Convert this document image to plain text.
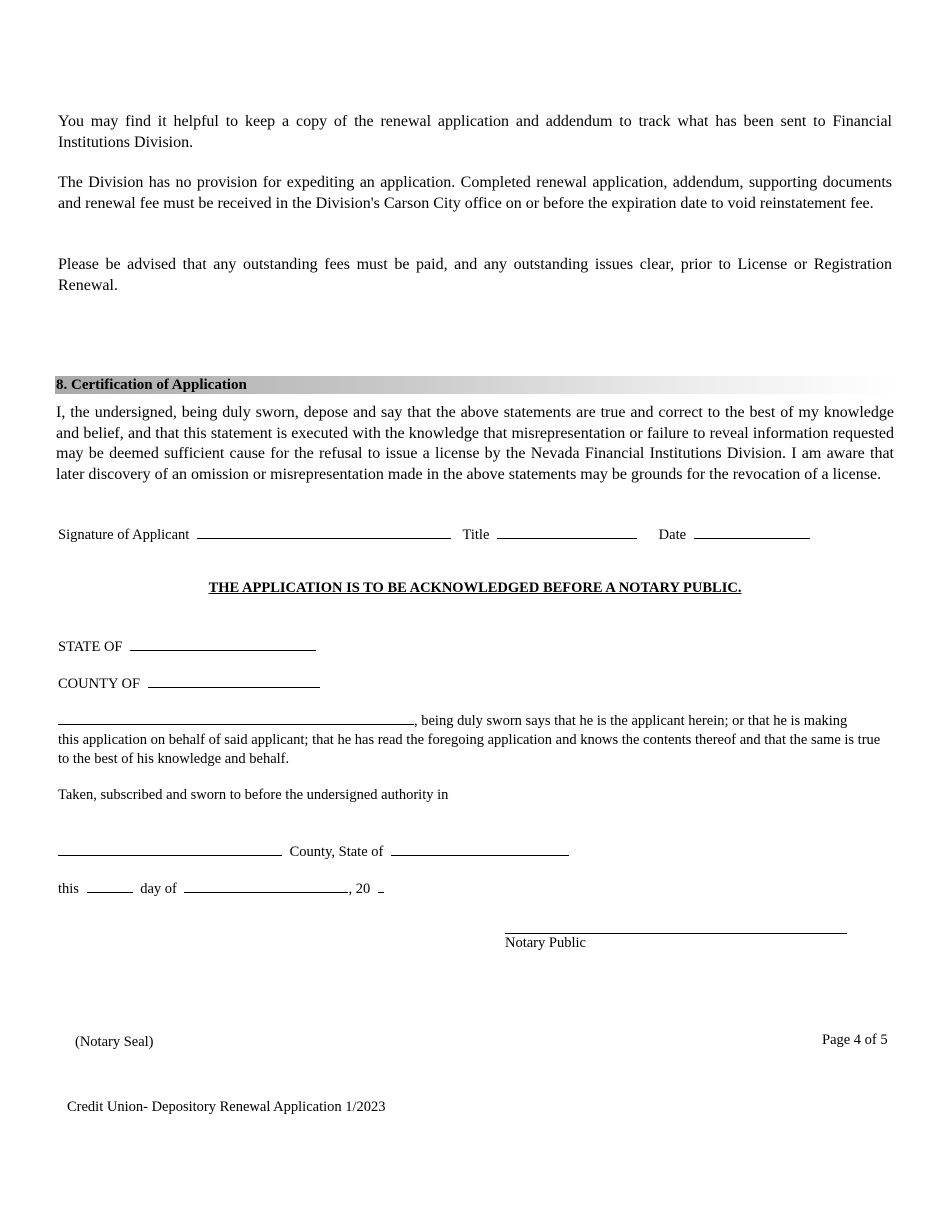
You may find it helpful to keep a copy of the renewal application and addendum to track what has been sent to Financial Institutions Division.
The Division has no provision for expediting an application. Completed renewal application, addendum, supporting documents and renewal fee must be received in the Division's Carson City office on or before the expiration date to void reinstatement fee.
Please be advised that any outstanding fees must be paid, and any outstanding issues clear, prior to License or Registration Renewal.
8. Certification of Application
I, the undersigned, being duly sworn, depose and say that the above statements are true and correct to the best of my knowledge and belief, and that this statement is executed with the knowledge that misrepresentation or failure to reveal information requested may be deemed sufficient cause for the refusal to issue a license by the Nevada Financial Institutions Division. I am aware that later discovery of an omission or misrepresentation made in the above statements may be grounds for the revocation of a license.
Signature of Applicant	Title	Date
THE APPLICATION IS TO BE ACKNOWLEDGED BEFORE A NOTARY PUBLIC.
STATE OF
COUNTY OF
, being duly sworn says that he is the applicant herein; or that he is making
this application on behalf of said applicant; that he has read the foregoing application and knows the contents thereof and that the same is true to the best of his knowledge and behalf.
Taken, subscribed and sworn to before the undersigned authority in
County, State of
this	day of	, 20
Notary Public
(Notary Seal)	Page 4 of 5
Credit Union- Depository Renewal Application 1/2023
